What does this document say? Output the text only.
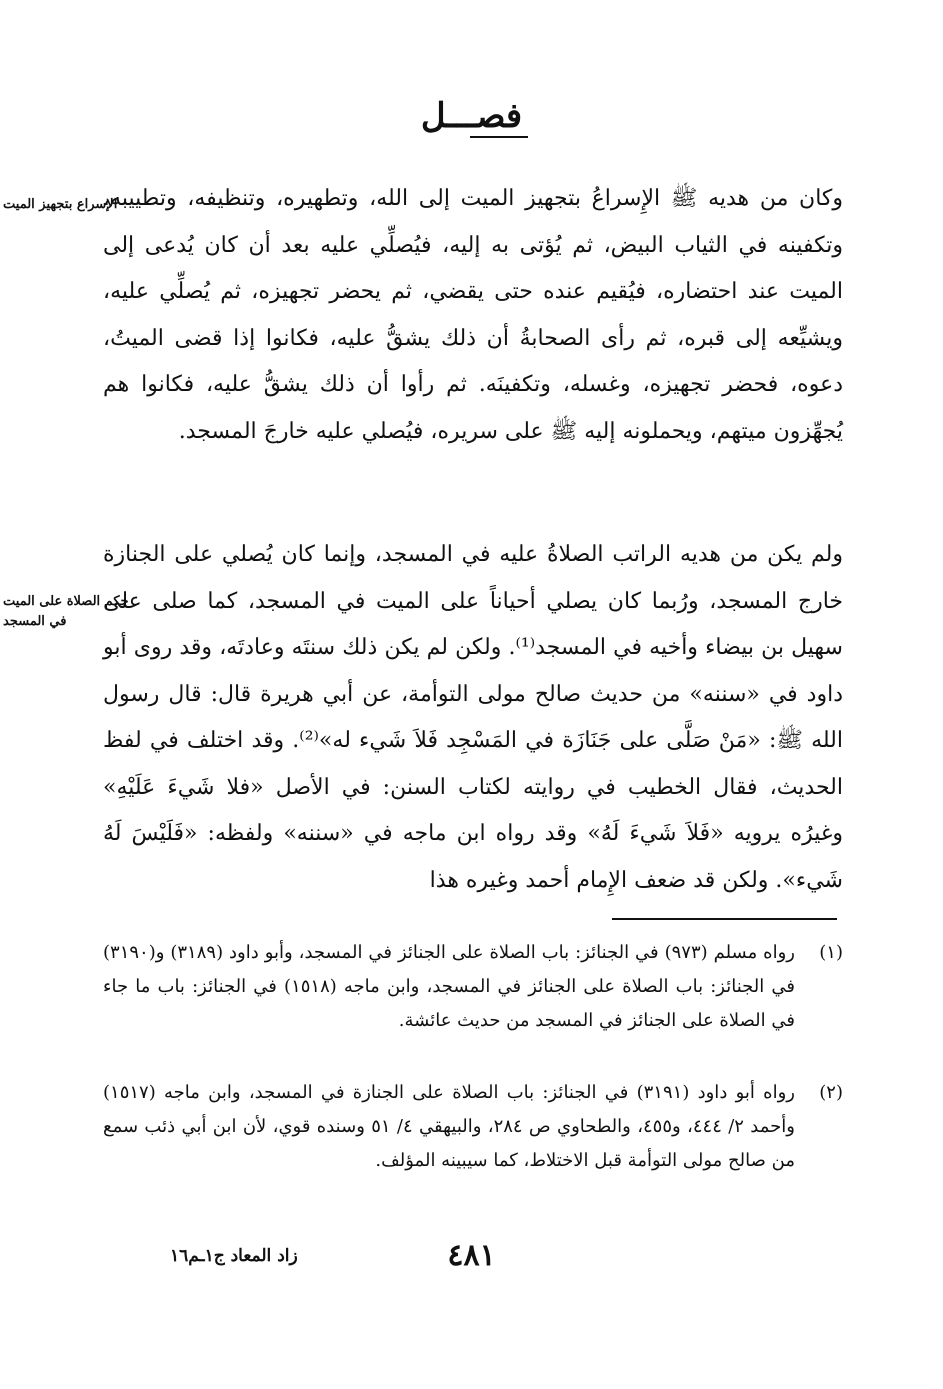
فصـــل

الإسراع بتجهيز الميت

حكم الصلاة على الميت في المسجد

وكان من هديه ﷺ الإِسراعُ بتجهيز الميت إلى الله، وتطهيره، وتنظيفه، وتطييبه، وتكفينه في الثياب البيض، ثم يُؤتى به إليه، فيُصلِّي عليه بعد أن كان يُدعى إلى الميت عند احتضاره، فيُقيم عنده حتى يقضي، ثم يحضر تجهيزه، ثم يُصلِّي عليه، ويشيِّعه إلى قبره، ثم رأى الصحابةُ أن ذلك يشقُّ عليه، فكانوا إذا قضى الميتُ، دعوه، فحضر تجهيزه، وغسله، وتكفينَه. ثم رأوا أن ذلك يشقُّ عليه، فكانوا هم يُجهِّزون ميتهم، ويحملونه إليه ﷺ على سريره، فيُصلي عليه خارجَ المسجد.

ولم يكن من هديه الراتب الصلاةُ عليه في المسجد، وإنما كان يُصلي على الجنازة خارج المسجد، ورُبما كان يصلي أحياناً على الميت في المسجد، كما صلى على سهيل بن بيضاء وأخيه في المسجد⁽¹⁾. ولكن لم يكن ذلك سنتَه وعادتَه، وقد روى أبو داود في «سننه» من حديث صالح مولى التوأمة، عن أبي هريرة قال: قال رسول الله ﷺ: «مَنْ صَلَّى على جَنَازَة في المَسْجِد فَلاَ شَيء له»⁽²⁾. وقد اختلف في لفظ الحديث، فقال الخطيب في روايته لكتاب السنن: في الأصل «فلا شَيءَ عَلَيْهِ» وغيرُه يرويه «فَلاَ شَيءَ لَهُ» وقد رواه ابن ماجه في «سننه» ولفظه: «فَلَيْسَ لَهُ شَيء». ولكن قد ضعف الإِمام أحمد وغيره هذا

(١)
رواه مسلم (٩٧٣) في الجنائز: باب الصلاة على الجنائز في المسجد، وأبو داود (٣١٨٩) و(٣١٩٠) في الجنائز: باب الصلاة على الجنائز في المسجد، وابن ماجه (١٥١٨) في الجنائز: باب ما جاء في الصلاة على الجنائز في المسجد من حديث عائشة.
(٢)
رواه أبو داود (٣١٩١) في الجنائز: باب الصلاة على الجنازة في المسجد، وابن ماجه (١٥١٧) وأحمد ٢/ ٤٤٤، و٤٥٥، والطحاوي ص ٢٨٤، والبيهقي ٤/ ٥١ وسنده قوي، لأن ابن أبي ذئب سمع من صالح مولى التوأمة قبل الاختلاط، كما سيبينه المؤلف.

٤٨١

زاد المعاد ج١ـم١٦
